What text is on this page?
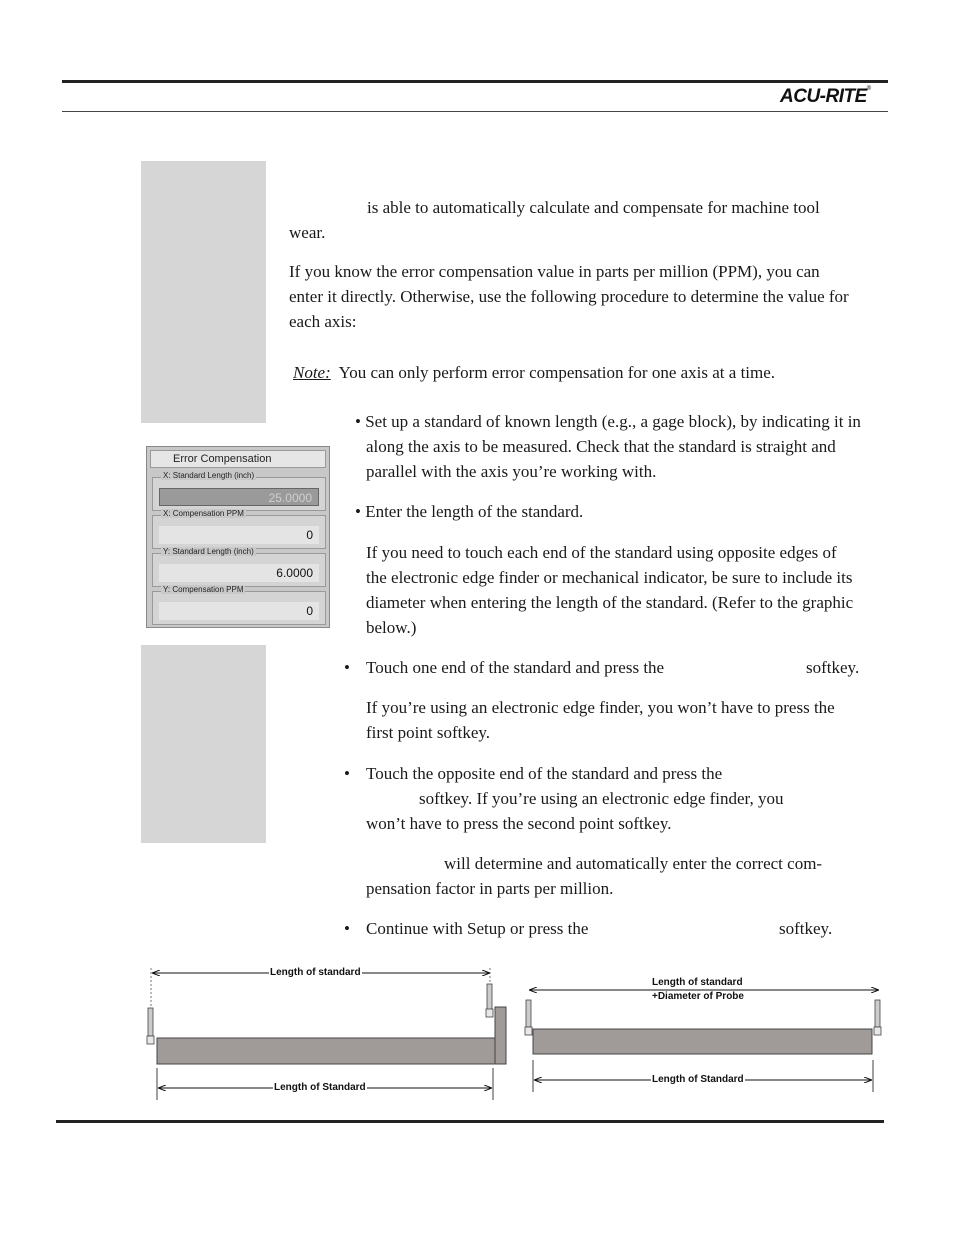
ACU-RITE®
is able to automatically calculate and compensate for machine tool wear.
If you know the error compensation value in parts per million (PPM), you can enter it directly. Otherwise, use the following procedure to determine the value for each axis:
Note: You can only perform error compensation for one axis at a time.
• Set up a standard of known length (e.g., a gage block), by indicating it in along the axis to be measured. Check that the standard is straight and parallel with the axis you’re working with.
• Enter the length of the standard.
If you need to touch each end of the standard using opposite edges of the electronic edge finder or mechanical indicator, be sure to include its diameter when entering the length of the standard. (Refer to the graphic below.)
• Touch one end of the standard and press the	softkey.
If you’re using an electronic edge finder, you won’t have to press the first point softkey.
• Touch the opposite end of the standard and press the
softkey. If you’re using an electronic edge finder, you
won’t have to press the second point softkey.
will determine and automatically enter the correct com-
pensation factor in parts per million.
• Continue with Setup or press the	softkey.
Error Compensation
X: Standard Length (inch)
25.0000
X: Compensation PPM
0
Y: Standard Length (inch)
6.0000
Y: Compensation PPM
0
Length of standard
Length of Standard
Length of standard
+Diameter of Probe
Length of Standard
